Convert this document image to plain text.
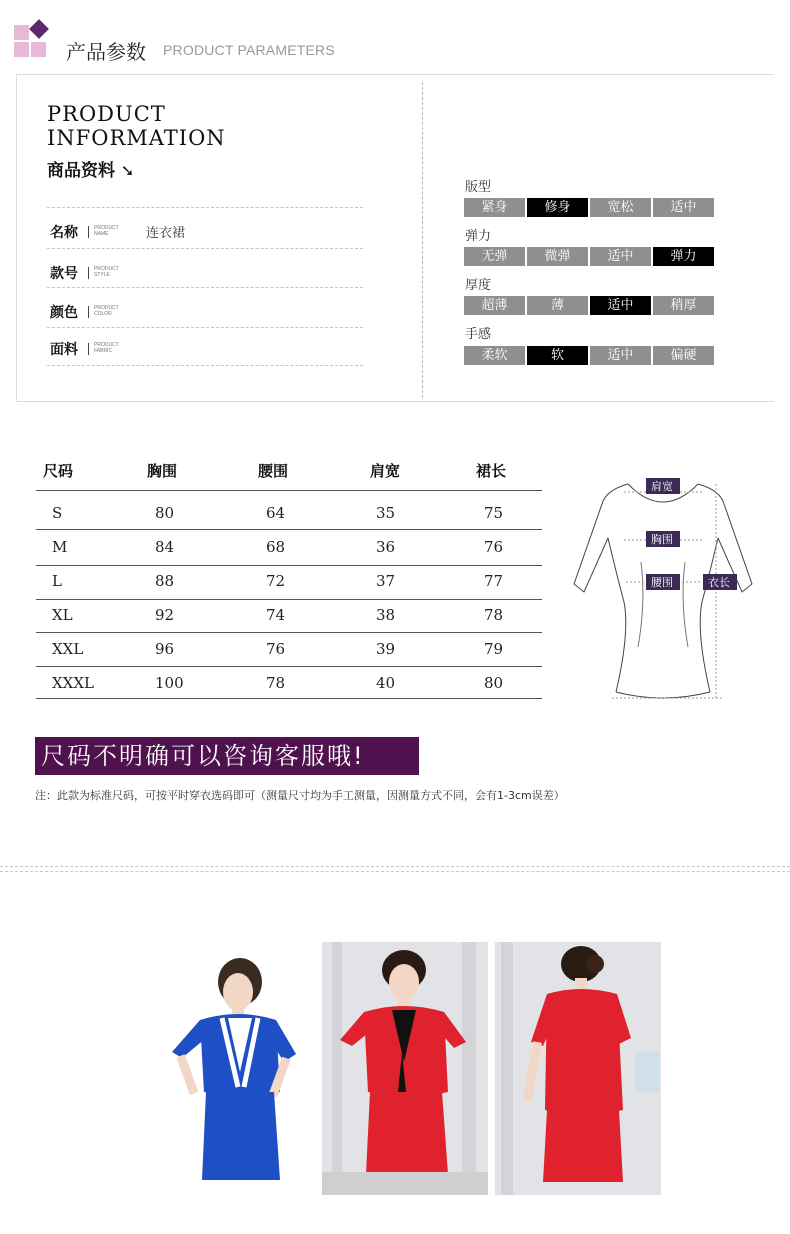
产品参数 PRODUCT PARAMETERS
PRODUCT
INFORMATION
商品资料 ➘
名称	PRODUCT
NAME	连衣裙
款号	PRODUCT
STYLE
颜色	PRODUCT
COLOR
面料	PRODUCT
FABRIC
版型
紧身	修身	宽松	适中
弹力
无弹	微弹	适中	弹力
厚度
超薄	薄	适中	稍厚
手感
柔软	软	适中	偏硬
尺码	胸围	腰围	肩宽	裙长
S	80	64	35	75
M	84	68	36	76
L	88	72	37	77
XL	92	74	38	78
XXL	96	76	39	79
XXXL	100	78	40	80
肩宽
胸围
腰围	衣长
尺码不明确可以咨询客服哦!
注：此款为标准尺码，可按平时穿衣选码即可（测量尺寸均为手工测量，因测量方式不同，会有1-3cm误差）
